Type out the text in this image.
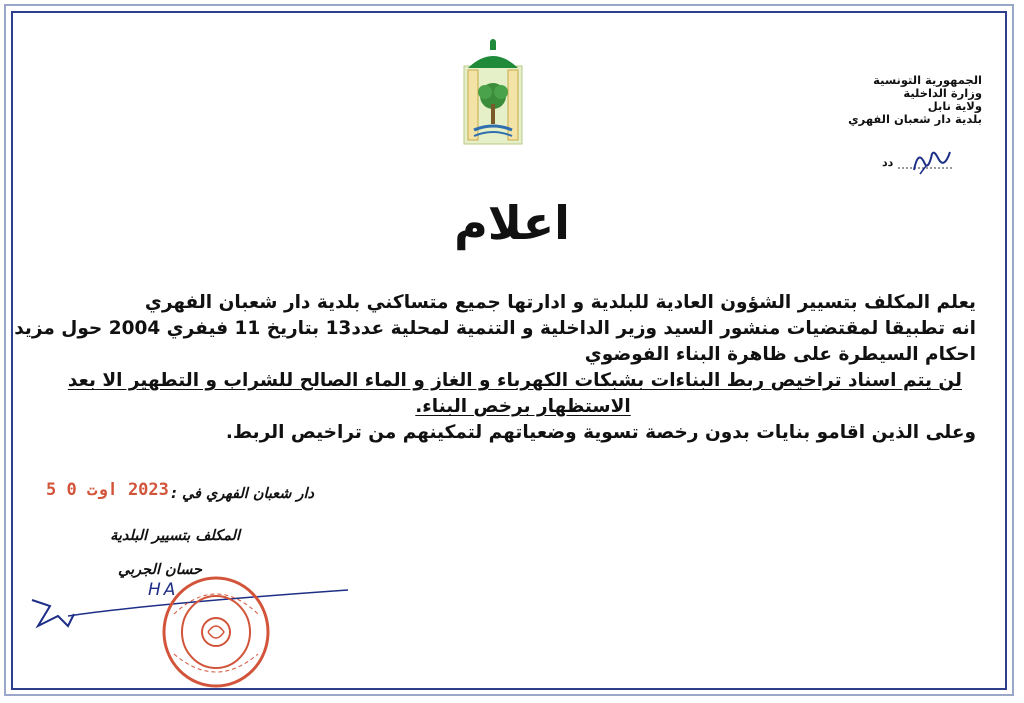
الجمهورية التونسية
وزارة الداخلية
ولاية نابل
بلدية دار شعبان الفهري
دد
اعلام
يعلم المكلف بتسيير الشؤون العادية للبلدية و ادارتها جميع متساكني بلدية دار شعبان الفهري
انه تطبيقا لمقتضيات منشور السيد وزير الداخلية و التنمية لمحلية عدد13 بتاريخ 11 فيفري 2004 حول مزيد
احكام السيطرة على ظاهرة البناء الفوضوي
لن يتم اسناد تراخيص ربط البناءات بشبكات الكهرباء و الغاز و الماء الصالح للشراب و التطهير الا بعد
الاستظهار برخص البناء.
وعلى الذين اقامو بنايات بدون رخصة تسوية وضعياتهم لتمكينهم من تراخيص الربط.
دار شعبان الفهري في :
2023 اوت 0 5
المكلف بتسيير البلدية
حسان الجربي
HA
